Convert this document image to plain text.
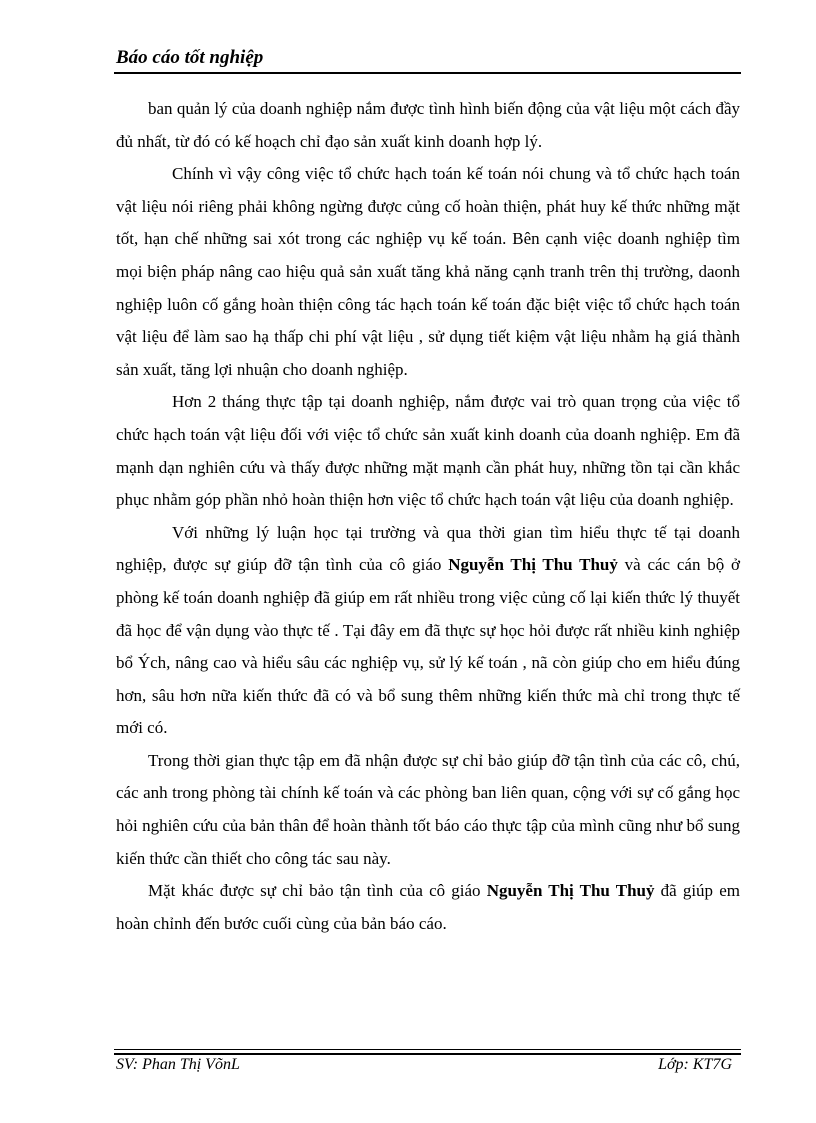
Báo cáo tốt nghiệp

ban quản lý của doanh nghiệp nắm được tình hình biến động của vật liệu một cách đầy đủ nhất, từ đó có kế hoạch chỉ đạo sản xuất kinh doanh hợp lý.

Chính vì vậy công việc tổ chức hạch toán kế toán nói chung và tổ chức hạch toán vật liệu nói riêng phải không ngừng được củng cố hoàn thiện, phát huy kế thức những mặt tốt, hạn chế những sai xót trong các nghiệp vụ kế toán. Bên cạnh việc doanh nghiệp tìm mọi biện pháp nâng cao hiệu quả sản xuất tăng khả năng cạnh tranh trên thị trường, daonh nghiệp luôn cố gắng hoàn thiện công tác hạch toán kế toán đặc biệt việc tổ chức hạch toán vật liệu để làm sao hạ thấp chi phí vật liệu , sử dụng tiết kiệm vật liệu nhằm hạ giá thành sản xuất, tăng lợi nhuận cho doanh nghiệp.

Hơn 2 tháng thực tập tại doanh nghiệp, nắm được vai trò quan trọng của việc tổ chức hạch toán vật liệu đối với việc tổ chức sản xuất kinh doanh của doanh nghiệp. Em đã mạnh dạn nghiên cứu và thấy được những mặt mạnh cần phát huy, những tồn tại cần khắc phục nhằm góp phần nhỏ hoàn thiện hơn việc tổ chức hạch toán vật liệu của doanh nghiệp.

Với những lý luận học tại trường và qua thời gian tìm hiểu thực tế tại doanh nghiệp, được sự giúp đỡ tận tình của cô giáo Nguyễn Thị Thu Thuỷ và các cán bộ ở phòng kế toán doanh nghiệp đã giúp em rất nhiều trong việc củng cố lại kiến thức lý thuyết đã học để vận dụng vào thực tế . Tại đây em đã thực sự học hỏi được rất nhiều kinh nghiệp bổ Ých, nâng cao và hiểu sâu các nghiệp vụ, sử lý kế toán , nã còn giúp cho em hiểu đúng hơn, sâu hơn nữa kiến thức đã có và bổ sung thêm những kiến thức mà chỉ trong thực tế mới có.

Trong thời gian thực tập em đã nhận được sự chỉ bảo giúp đỡ tận tình của các cô, chú, các anh trong phòng tài chính kế toán và các phòng ban liên quan, cộng với sự cố gắng học hỏi nghiên cứu của bản thân để hoàn thành tốt báo cáo thực tập của mình cũng như bổ sung kiến thức cần thiết cho công tác sau này.

Mặt khác được sự chỉ bảo tận tình của cô giáo Nguyễn Thị Thu Thuỷ đã giúp em hoàn chỉnh đến bước cuối cùng của bản báo cáo.

SV: Phan Thị VõnL	Lớp: KT7G
